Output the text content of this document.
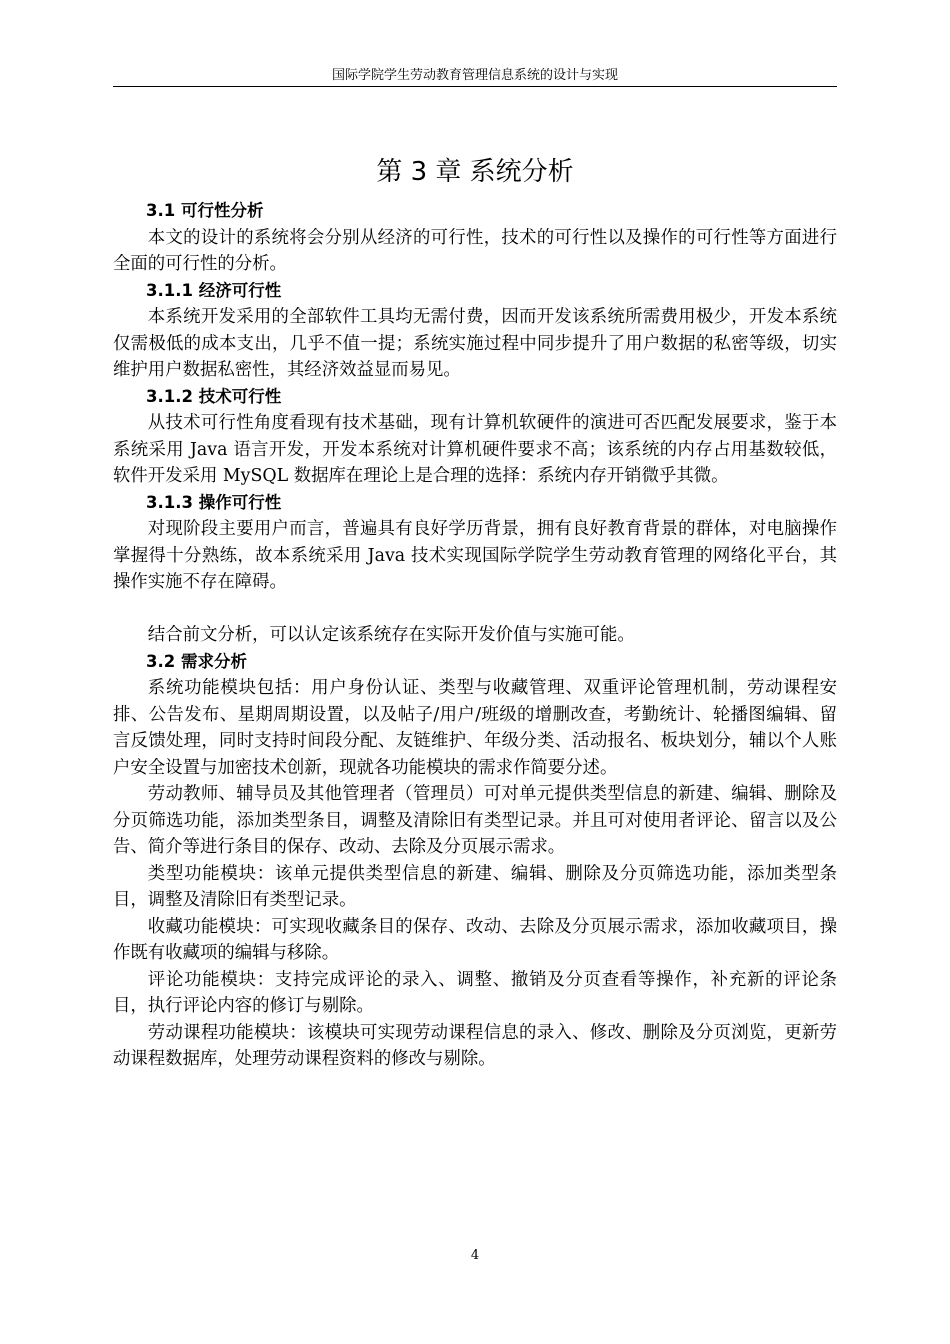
国际学院学生劳动教育管理信息系统的设计与实现
第 3 章 系统分析
3.1 可行性分析

本文的设计的系统将会分别从经济的可行性，技术的可行性以及操作的可行性等方面进行全面的可行性的分析。

3.1.1 经济可行性

本系统开发采用的全部软件工具均无需付费，因而开发该系统所需费用极少，开发本系统仅需极低的成本支出，几乎不值一提；系统实施过程中同步提升了用户数据的私密等级，切实维护用户数据私密性，其经济效益显而易见。

3.1.2 技术可行性

从技术可行性角度看现有技术基础，现有计算机软硬件的演进可否匹配发展要求，鉴于本系统采用 Java 语言开发，开发本系统对计算机硬件要求不高；该系统的内存占用基数较低，软件开发采用 MySQL 数据库在理论上是合理的选择：系统内存开销微乎其微。

3.1.3 操作可行性

对现阶段主要用户而言，普遍具有良好学历背景，拥有良好教育背景的群体，对电脑操作掌握得十分熟练，故本系统采用 Java 技术实现国际学院学生劳动教育管理的网络化平台，其操作实施不存在障碍。

结合前文分析，可以认定该系统存在实际开发价值与实施可能。

3.2 需求分析

系统功能模块包括：用户身份认证、类型与收藏管理、双重评论管理机制，劳动课程安排、公告发布、星期周期设置，以及帖子/用户/班级的增删改查，考勤统计、轮播图编辑、留言反馈处理，同时支持时间段分配、友链维护、年级分类、活动报名、板块划分，辅以个人账户安全设置与加密技术创新，现就各功能模块的需求作简要分述。

劳动教师、辅导员及其他管理者（管理员）可对单元提供类型信息的新建、编辑、删除及分页筛选功能，添加类型条目，调整及清除旧有类型记录。并且可对使用者评论、留言以及公告、简介等进行条目的保存、改动、去除及分页展示需求。

类型功能模块：该单元提供类型信息的新建、编辑、删除及分页筛选功能，添加类型条目，调整及清除旧有类型记录。

收藏功能模块：可实现收藏条目的保存、改动、去除及分页展示需求，添加收藏项目，操作既有收藏项的编辑与移除。

评论功能模块：支持完成评论的录入、调整、撤销及分页查看等操作，补充新的评论条目，执行评论内容的修订与剔除。

劳动课程功能模块：该模块可实现劳动课程信息的录入、修改、删除及分页浏览，更新劳动课程数据库，处理劳动课程资料的修改与剔除。

4
